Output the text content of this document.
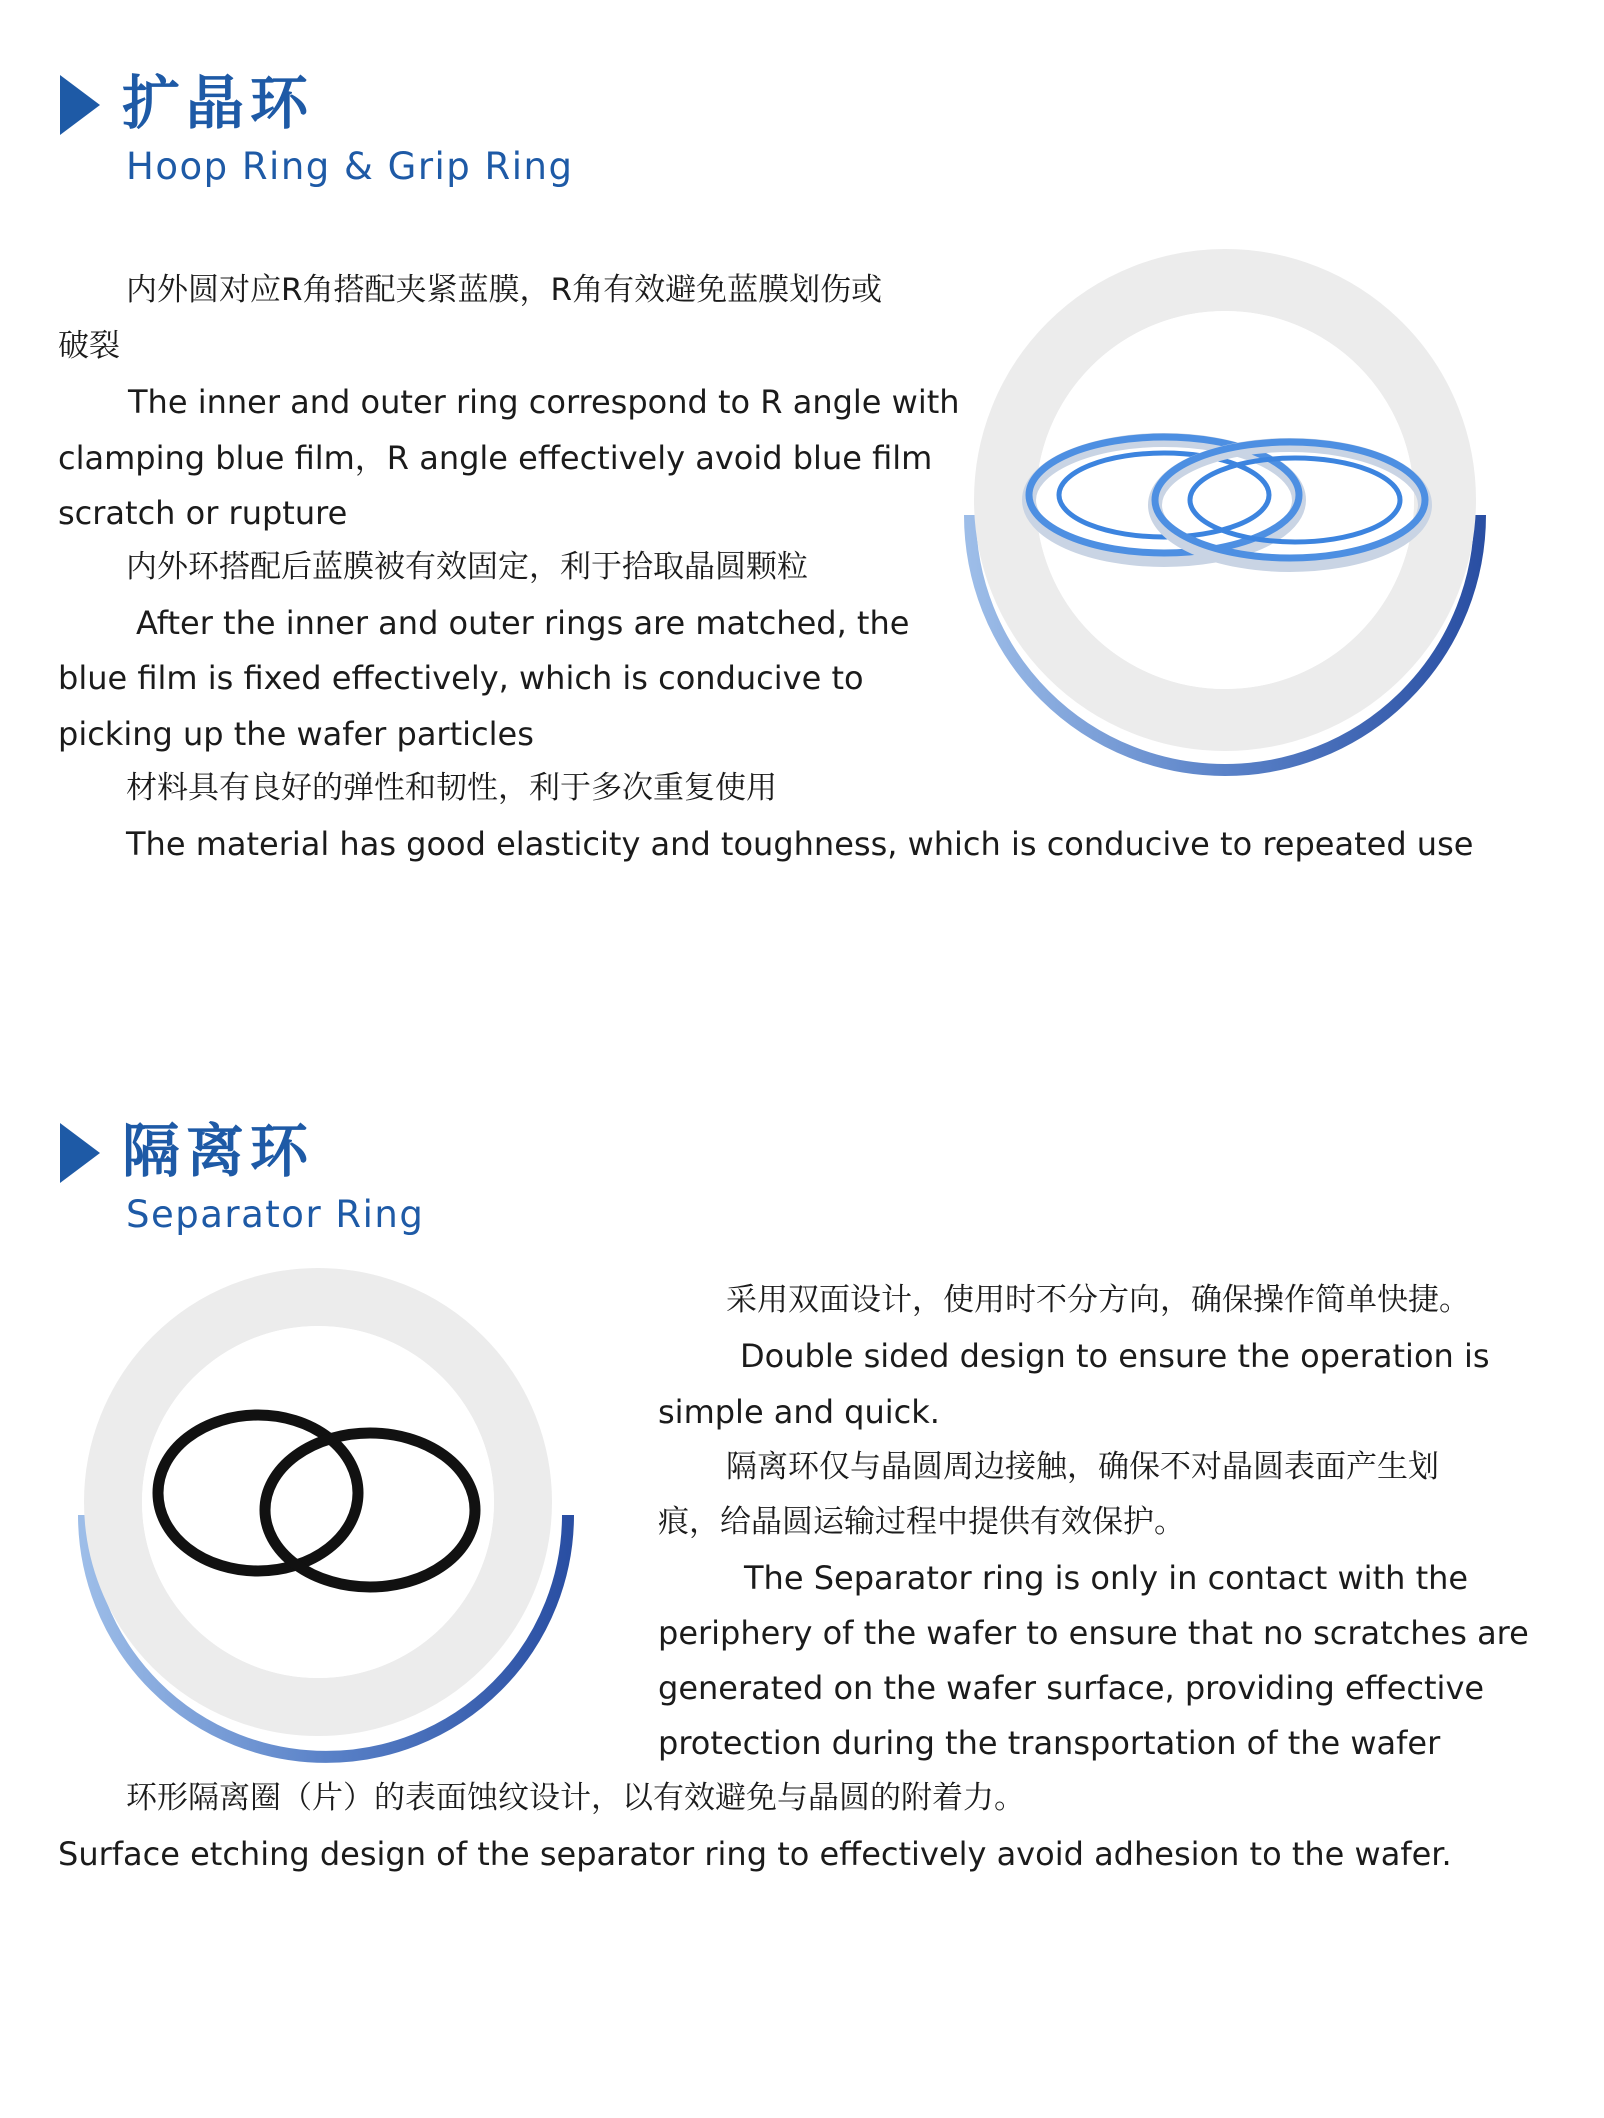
扩晶环
Hoop Ring & Grip Ring
内外圆对应R角搭配夹紧蓝膜，R角有效避免蓝膜划伤或
破裂
The inner and outer ring correspond to R angle with
clamping blue film，R angle effectively avoid blue film
scratch or rupture
内外环搭配后蓝膜被有效固定，利于拾取晶圆颗粒
After the inner and outer rings are matched, the
blue film is fixed effectively, which is conducive to
picking up the wafer particles
材料具有良好的弹性和韧性，利于多次重复使用
The material has good elasticity and toughness, which is conducive to repeated use
隔离环
Separator Ring
采用双面设计，使用时不分方向，确保操作简单快捷。
Double sided design to ensure the operation is
simple and quick.
隔离环仅与晶圆周边接触，确保不对晶圆表面产生划
痕，给晶圆运输过程中提供有效保护。
The Separator ring is only in contact with the
periphery of the wafer to ensure that no scratches are
generated on the wafer surface, providing effective
protection during the transportation of the wafer
环形隔离圈（片）的表面蚀纹设计，以有效避免与晶圆的附着力。
Surface etching design of the separator ring to effectively avoid adhesion to the wafer.
